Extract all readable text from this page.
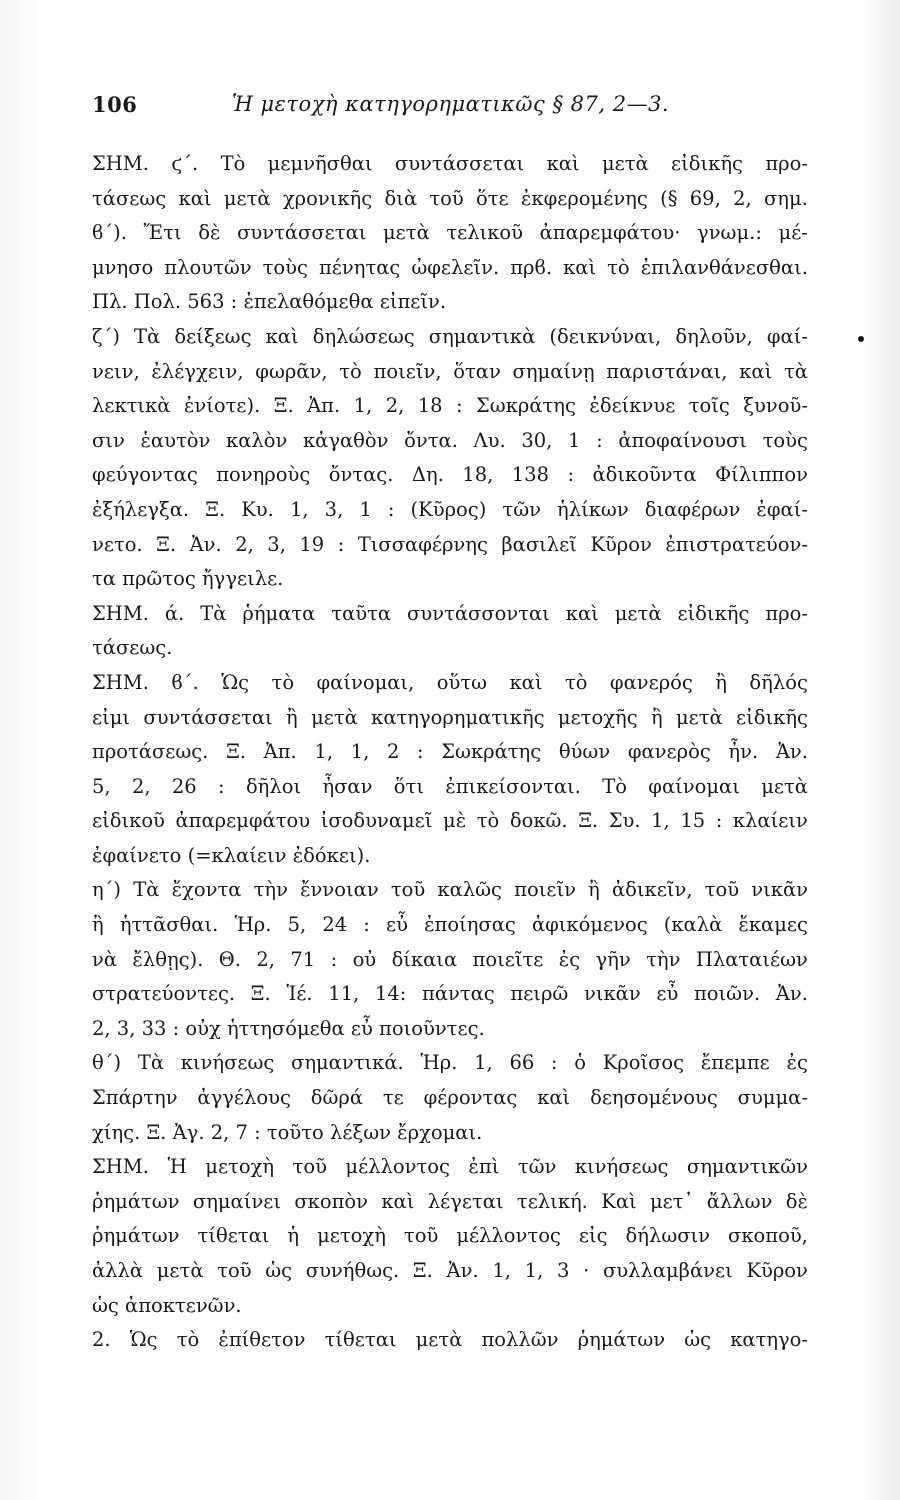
106	Ἡ μετοχὴ κατηγορηματικῶς § 87, 2—3.
ΣΗΜ. ϛ΄. Τὸ μεμνῆσθαι συντάσσεται καὶ μετὰ εἰδικῆς προ-
τάσεως καὶ μετὰ χρονικῆς διὰ τοῦ ὅτε ἐκφερομένης (§ 69, 2, σημ.
ϐ΄). Ἔτι δὲ συντάσσεται μετὰ τελικοῦ ἀπαρεμφάτου· γνωμ.: μέ-
μνησο πλουτῶν τοὺς πένητας ὠφελεῖν. πρϐ. καὶ τὸ ἐπιλανθάνεσθαι.
Πλ. Πολ. 563 : ἐπελαθόμεθα εἰπεῖν.
ζ΄) Τὰ δείξεως καὶ δηλώσεως σημαντικὰ (δεικνύναι, δηλοῦν, φαί-
νειν, ἐλέγχειν, φωρᾶν, τὸ ποιεῖν, ὅταν σημαίνῃ παριστάναι, καὶ τὰ
λεκτικὰ ἐνίοτε). Ξ. Ἀπ. 1, 2, 18 : Σωκράτης ἐδείκνυε τοῖς ξυνοῦ-
σιν ἑαυτὸν καλὸν κἀγαθὸν ὄντα. Λυ. 30, 1 : ἀποφαίνουσι τοὺς
φεύγοντας πονηροὺς ὄντας. Δη. 18, 138 : ἀδικοῦντα Φίλιππον
ἐξήλεγξα. Ξ. Κυ. 1, 3, 1 : (Κῦρος) τῶν ἡλίκων διαφέρων ἐφαί-
νετο. Ξ. Ἀν. 2, 3, 19 : Τισσαφέρνης βασιλεῖ Κῦρον ἐπιστρατεύον-
τα πρῶτος ἤγγειλε.
ΣΗΜ. ά. Τὰ ῥήματα ταῦτα συντάσσονται καὶ μετὰ εἰδικῆς προ-
τάσεως.
ΣΗΜ. ϐ΄. Ὡς τὸ φαίνομαι, οὕτω καὶ τὸ φανερός ἢ δῆλός
εἰμι συντάσσεται ἢ μετὰ κατηγορηματικῆς μετοχῆς ἢ μετὰ εἰδικῆς
προτάσεως. Ξ. Ἀπ. 1, 1, 2 : Σωκράτης θύων φανερὸς ἦν. Ἀν.
5, 2, 26 : δῆλοι ἦσαν ὅτι ἐπικείσονται. Τὸ φαίνομαι μετὰ
εἰδικοῦ ἀπαρεμφάτου ἰσοδυναμεῖ μὲ τὸ δοκῶ. Ξ. Συ. 1, 15 : κλαίειν
ἐφαίνετο (=κλαίειν ἐδόκει).
η΄) Τὰ ἔχοντα τὴν ἔννοιαν τοῦ καλῶς ποιεῖν ἢ ἀδικεῖν, τοῦ νικᾶν
ἢ ἡττᾶσθαι. Ἡρ. 5, 24 : εὖ ἐποίησας ἀφικόμενος (καλὰ ἔκαμες
νὰ ἔλθῃς). Θ. 2, 71 : οὐ δίκαια ποιεῖτε ἐς γῆν τὴν Πλαταιέων
στρατεύοντες. Ξ. Ἱέ. 11, 14: πάντας πειρῶ νικᾶν εὖ ποιῶν. Ἀν.
2, 3, 33 : οὐχ ἡττησόμεθα εὖ ποιοῦντες.
θ΄) Τὰ κινήσεως σημαντικά. Ἡρ. 1, 66 : ὁ Κροῖσος ἔπεμπε ἐς
Σπάρτην ἀγγέλους δῶρά τε φέροντας καὶ δεησομένους συμμα-
χίης. Ξ. Ἀγ. 2, 7 : τοῦτο λέξων ἔρχομαι.
ΣΗΜ. Ἡ μετοχὴ τοῦ μέλλοντος ἐπὶ τῶν κινήσεως σημαντικῶν
ῥημάτων σημαίνει σκοπὸν καὶ λέγεται τελική. Καὶ μετ᾽ ἄλλων δὲ
ῥημάτων τίθεται ἡ μετοχὴ τοῦ μέλλοντος εἰς δήλωσιν σκοποῦ,
ἀλλὰ μετὰ τοῦ ὡς συνήθως. Ξ. Ἀν. 1, 1, 3 · συλλαμβάνει Κῦρον
ὡς ἀποκτενῶν.
2. Ὡς τὸ ἐπίθετον τίθεται μετὰ πολλῶν ῥημάτων ὡς κατηγο-
